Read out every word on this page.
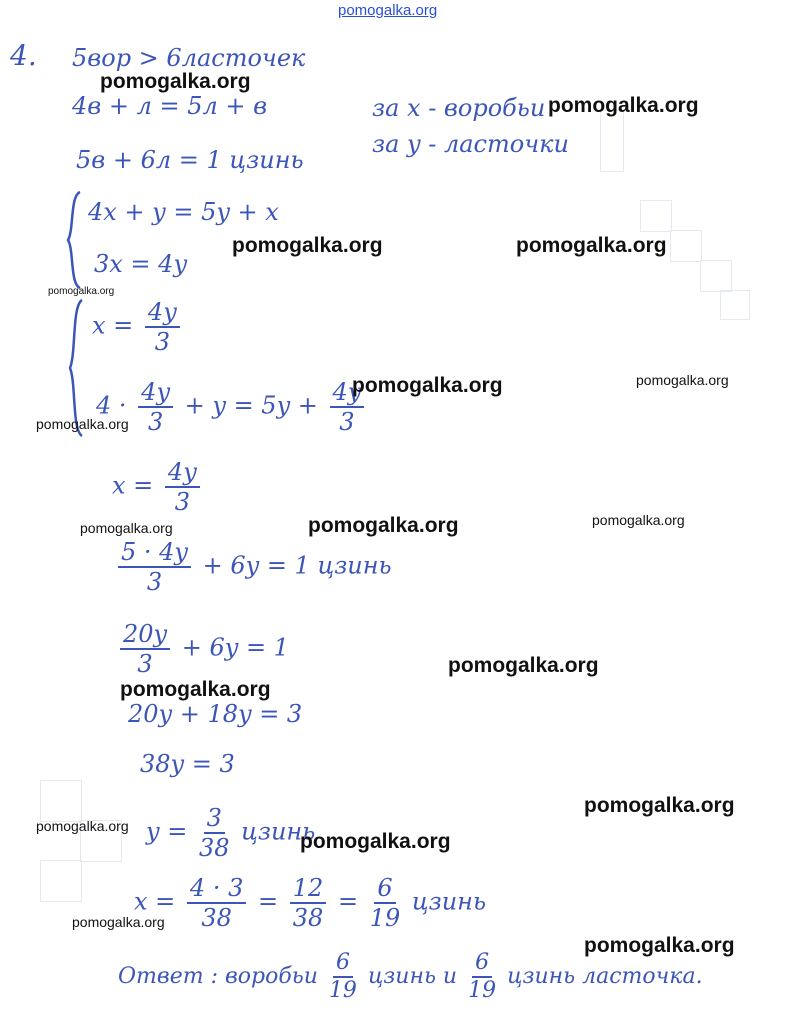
pomogalka.org
4. 5вор > 6ласточек
4в + л = 5л + в
5в + 6л = 1 цзинь
за x - воробьи
за y - ласточки
4x + y = 5y + x
3x = 4y
$x = \frac{4y}{3}$
$4 \cdot \frac{4y}{3} + y = 5y + \frac{4y}{3}$
$x = \frac{4y}{3}$
$\frac{5 \cdot 4y}{3} + 6y = 1$ цзинь
$\frac{20y}{3} + 6y = 1$
20y + 18y = 3
38y = 3
$y = \frac{3}{38}$ цзинь
$x = \frac{4 \cdot 3}{38} = \frac{12}{38} = \frac{6}{19}$ цзинь
Ответ : воробьи $\frac{6}{19}$ цзинь и $\frac{6}{19}$ цзинь ласточка.
pomogalka.org
pomogalka.org
pomogalka.org	pomogalka.org
pomogalka.org
pomogalka.org	pomogalka.org
pomogalka.org
pomogalka.org	pomogalka.org	pomogalka.org
pomogalka.org
pomogalka.org
pomogalka.org
pomogalka.org
pomogalka.org
pomogalka.org
pomogalka.org
